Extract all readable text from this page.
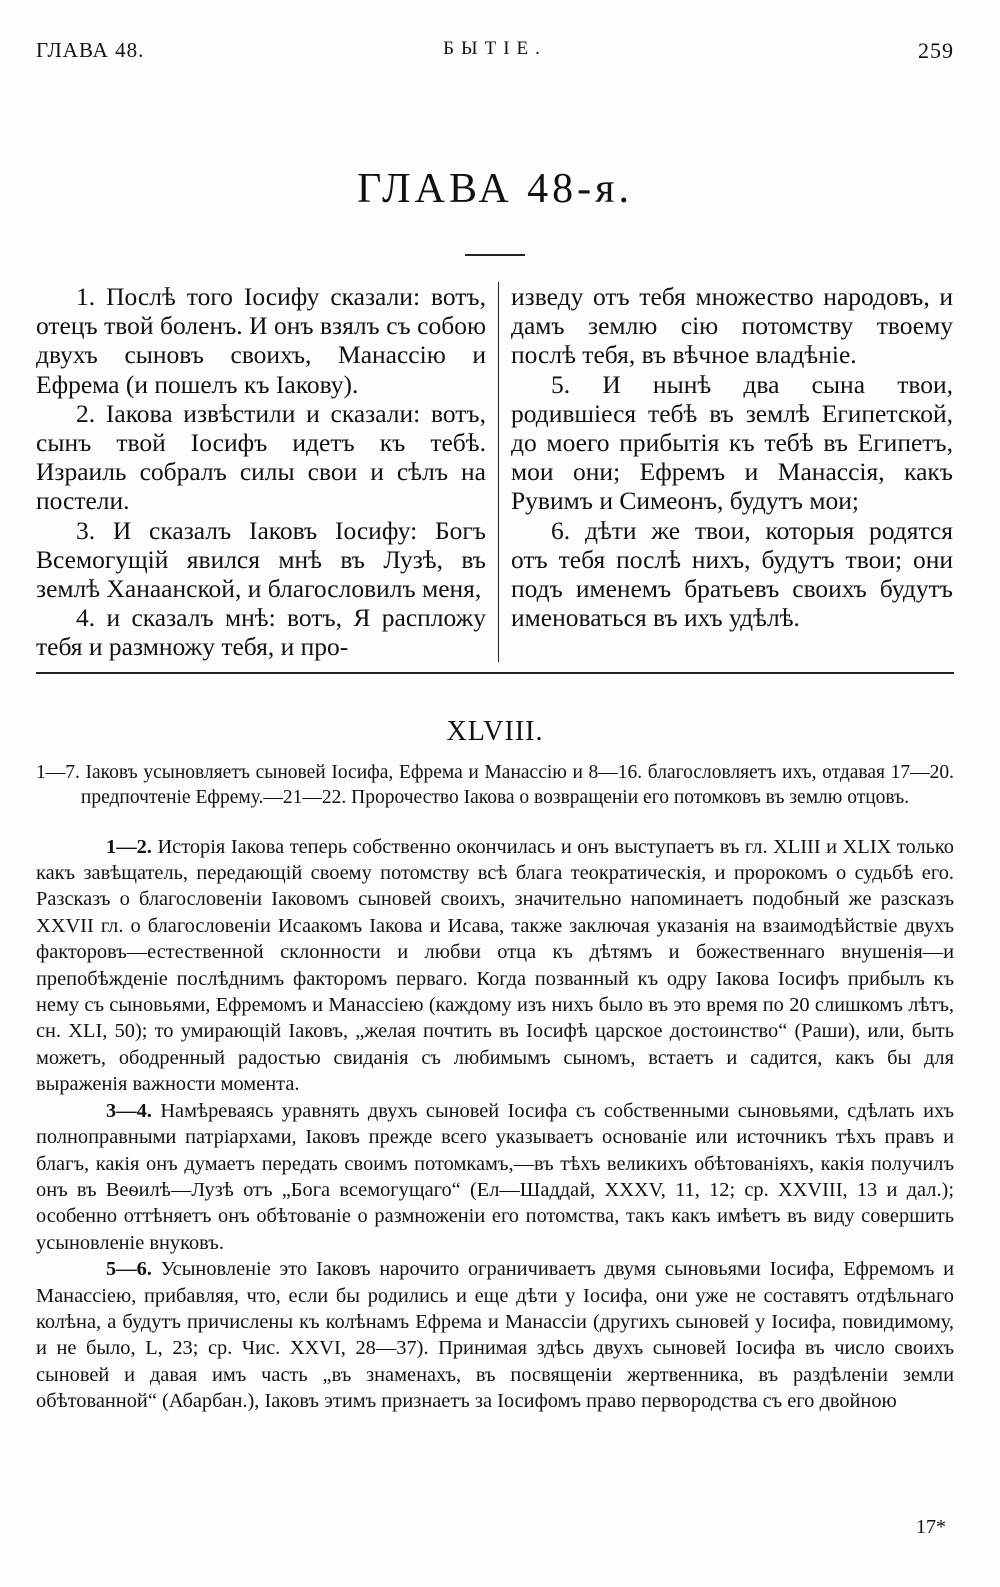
ГЛАВА 48.	БЫТІЕ.	259
ГЛАВА 48-я.

1. Послѣ того Іосифу сказали: вотъ, отецъ твой боленъ. И онъ взялъ съ собою двухъ сыновъ своихъ, Манассію и Ефрема (и пошелъ къ Іакову).

2. Іакова извѣстили и сказали: вотъ, сынъ твой Іосифъ идетъ къ тебѣ. Израиль собралъ силы свои и сѣлъ на постели.

3. И сказалъ Іаковъ Іосифу: Богъ Всемогущій явился мнѣ въ Лузѣ, въ землѣ Ханаанской, и благословилъ меня,

4. и сказалъ мнѣ: вотъ, Я распложу тебя и размножу тебя, и про-

изведу отъ тебя множество народовъ, и дамъ землю сію потомству твоему послѣ тебя, въ вѣчное владѣніе.

5. И нынѣ два сына твои, родившіеся тебѣ въ землѣ Египетской, до моего прибытія къ тебѣ въ Египетъ, мои они; Ефремъ и Манассія, какъ Рувимъ и Симеонъ, будутъ мои;

6. дѣти же твои, которыя родятся отъ тебя послѣ нихъ, будутъ твои; они подъ именемъ братьевъ своихъ будутъ именоваться въ ихъ удѣлѣ.

XLVIII.
1—7. Іаковъ усыновляетъ сыновей Іосифа, Ефрема и Манассію и 8—16. благословляетъ ихъ, отдавая 17—20. предпочтеніе Ефрему.—21—22. Пророчество Іакова о возвращеніи его потомковъ въ землю отцовъ.

1—2. Исторія Іакова теперь собственно окончилась и онъ выступаетъ въ гл. XLIII и XLIX только какъ завѣщатель, передающій своему потомству всѣ блага теократическія, и пророкомъ о судьбѣ его. Разсказъ о благословеніи Іаковомъ сыновей своихъ, значительно напоминаетъ подобный же разсказъ XXVII гл. о благословеніи Исаакомъ Іакова и Исава, также заключая указанія на взаимодѣйствіе двухъ факторовъ—естественной склонности и любви отца къ дѣтямъ и божественнаго внушенія—и препобѣжденіе послѣднимъ факторомъ перваго. Когда позванный къ одру Іакова Іосифъ прибылъ къ нему съ сыновьями, Ефремомъ и Манассіею (каждому изъ нихъ было въ это время по 20 слишкомъ лѣтъ, сн. XLI, 50); то умирающій Іаковъ, „желая почтить въ Іосифѣ царское достоинство“ (Раши), или, быть можетъ, ободренный радостью свиданія съ любимымъ сыномъ, встаетъ и садится, какъ бы для выраженія важности момента.

3—4. Намѣреваясь уравнять двухъ сыновей Іосифа съ собственными сыновьями, сдѣлать ихъ полноправными патріархами, Іаковъ прежде всего указываетъ основаніе или источникъ тѣхъ правъ и благъ, какія онъ думаетъ передать своимъ потомкамъ,—въ тѣхъ великихъ обѣтованіяхъ, какія получилъ онъ въ Веѳилѣ—Лузѣ отъ „Бога всемогущаго“ (Ел—Шаддай, XXXV, 11, 12; ср. XXVIII, 13 и дал.); особенно оттѣняетъ онъ обѣтованіе о размноженіи его потомства, такъ какъ имѣетъ въ виду совершить усыновленіе внуковъ.

5—6. Усыновленіе это Іаковъ нарочито ограничиваетъ двумя сыновьями Іосифа, Ефремомъ и Манассіею, прибавляя, что, если бы родились и еще дѣти у Іосифа, они уже не составятъ отдѣльнаго колѣна, а будутъ причислены къ колѣнамъ Ефрема и Манассіи (другихъ сыновей у Іосифа, повидимому, и не было, L, 23; ср. Чис. XXVI, 28—37). Принимая здѣсь двухъ сыновей Іосифа въ число своихъ сыновей и давая имъ часть „въ знаменахъ, въ посвященіи жертвенника, въ раздѣленіи земли обѣтованной“ (Абарбан.), Іаковъ этимъ признаетъ за Іосифомъ право первородства съ его двойною

17*
